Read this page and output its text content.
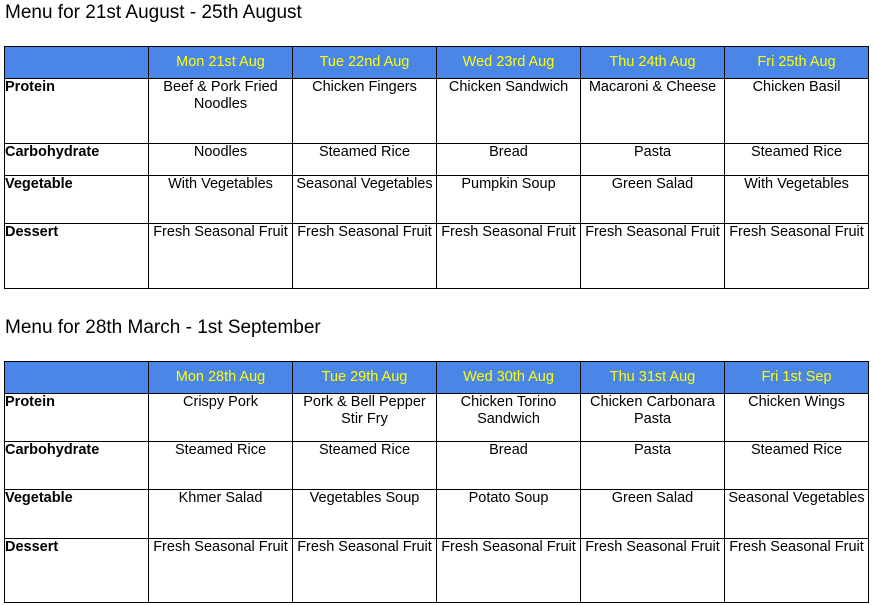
Menu for 21st August - 25th August
	Mon 21st Aug	Tue 22nd Aug	Wed 23rd Aug	Thu 24th Aug	Fri 25th Aug
Protein	Beef & Pork Fried Noodles	Chicken Fingers	Chicken Sandwich	Macaroni & Cheese	Chicken Basil
Carbohydrate	Noodles	Steamed Rice	Bread	Pasta	Steamed Rice
Vegetable	With Vegetables	Seasonal Vegetables	Pumpkin Soup	Green Salad	With Vegetables
Dessert	Fresh Seasonal Fruit	Fresh Seasonal Fruit	Fresh Seasonal Fruit	Fresh Seasonal Fruit	Fresh Seasonal Fruit
Menu for 28th March - 1st September
	Mon 28th Aug	Tue 29th Aug	Wed 30th Aug	Thu 31st Aug	Fri 1st Sep
Protein	Crispy Pork	Pork & Bell Pepper Stir Fry	Chicken Torino Sandwich	Chicken Carbonara Pasta	Chicken Wings
Carbohydrate	Steamed Rice	Steamed Rice	Bread	Pasta	Steamed Rice
Vegetable	Khmer Salad	Vegetables Soup	Potato Soup	Green Salad	Seasonal Vegetables
Dessert	Fresh Seasonal Fruit	Fresh Seasonal Fruit	Fresh Seasonal Fruit	Fresh Seasonal Fruit	Fresh Seasonal Fruit
